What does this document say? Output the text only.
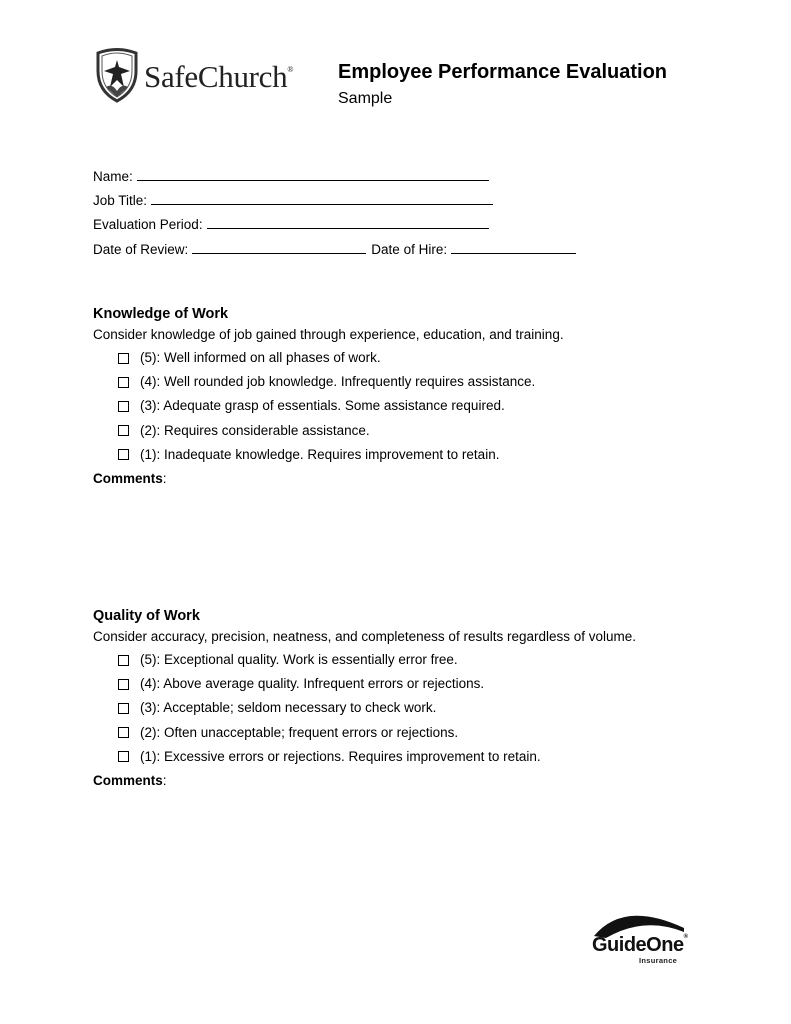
SafeChurch® Employee Performance Evaluation
Sample
Name:
Job Title:
Evaluation Period:
Date of Review:	Date of Hire:
Knowledge of Work
Consider knowledge of job gained through experience, education, and training.
(5): Well informed on all phases of work.
(4): Well rounded job knowledge. Infrequently requires assistance.
(3): Adequate grasp of essentials. Some assistance required.
(2): Requires considerable assistance.
(1): Inadequate knowledge. Requires improvement to retain.
Comments:
Quality of Work
Consider accuracy, precision, neatness, and completeness of results regardless of volume.
(5): Exceptional quality. Work is essentially error free.
(4): Above average quality. Infrequent errors or rejections.
(3): Acceptable; seldom necessary to check work.
(2): Often unacceptable; frequent errors or rejections.
(1): Excessive errors or rejections. Requires improvement to retain.
Comments:
GuideOne®
Insurance
